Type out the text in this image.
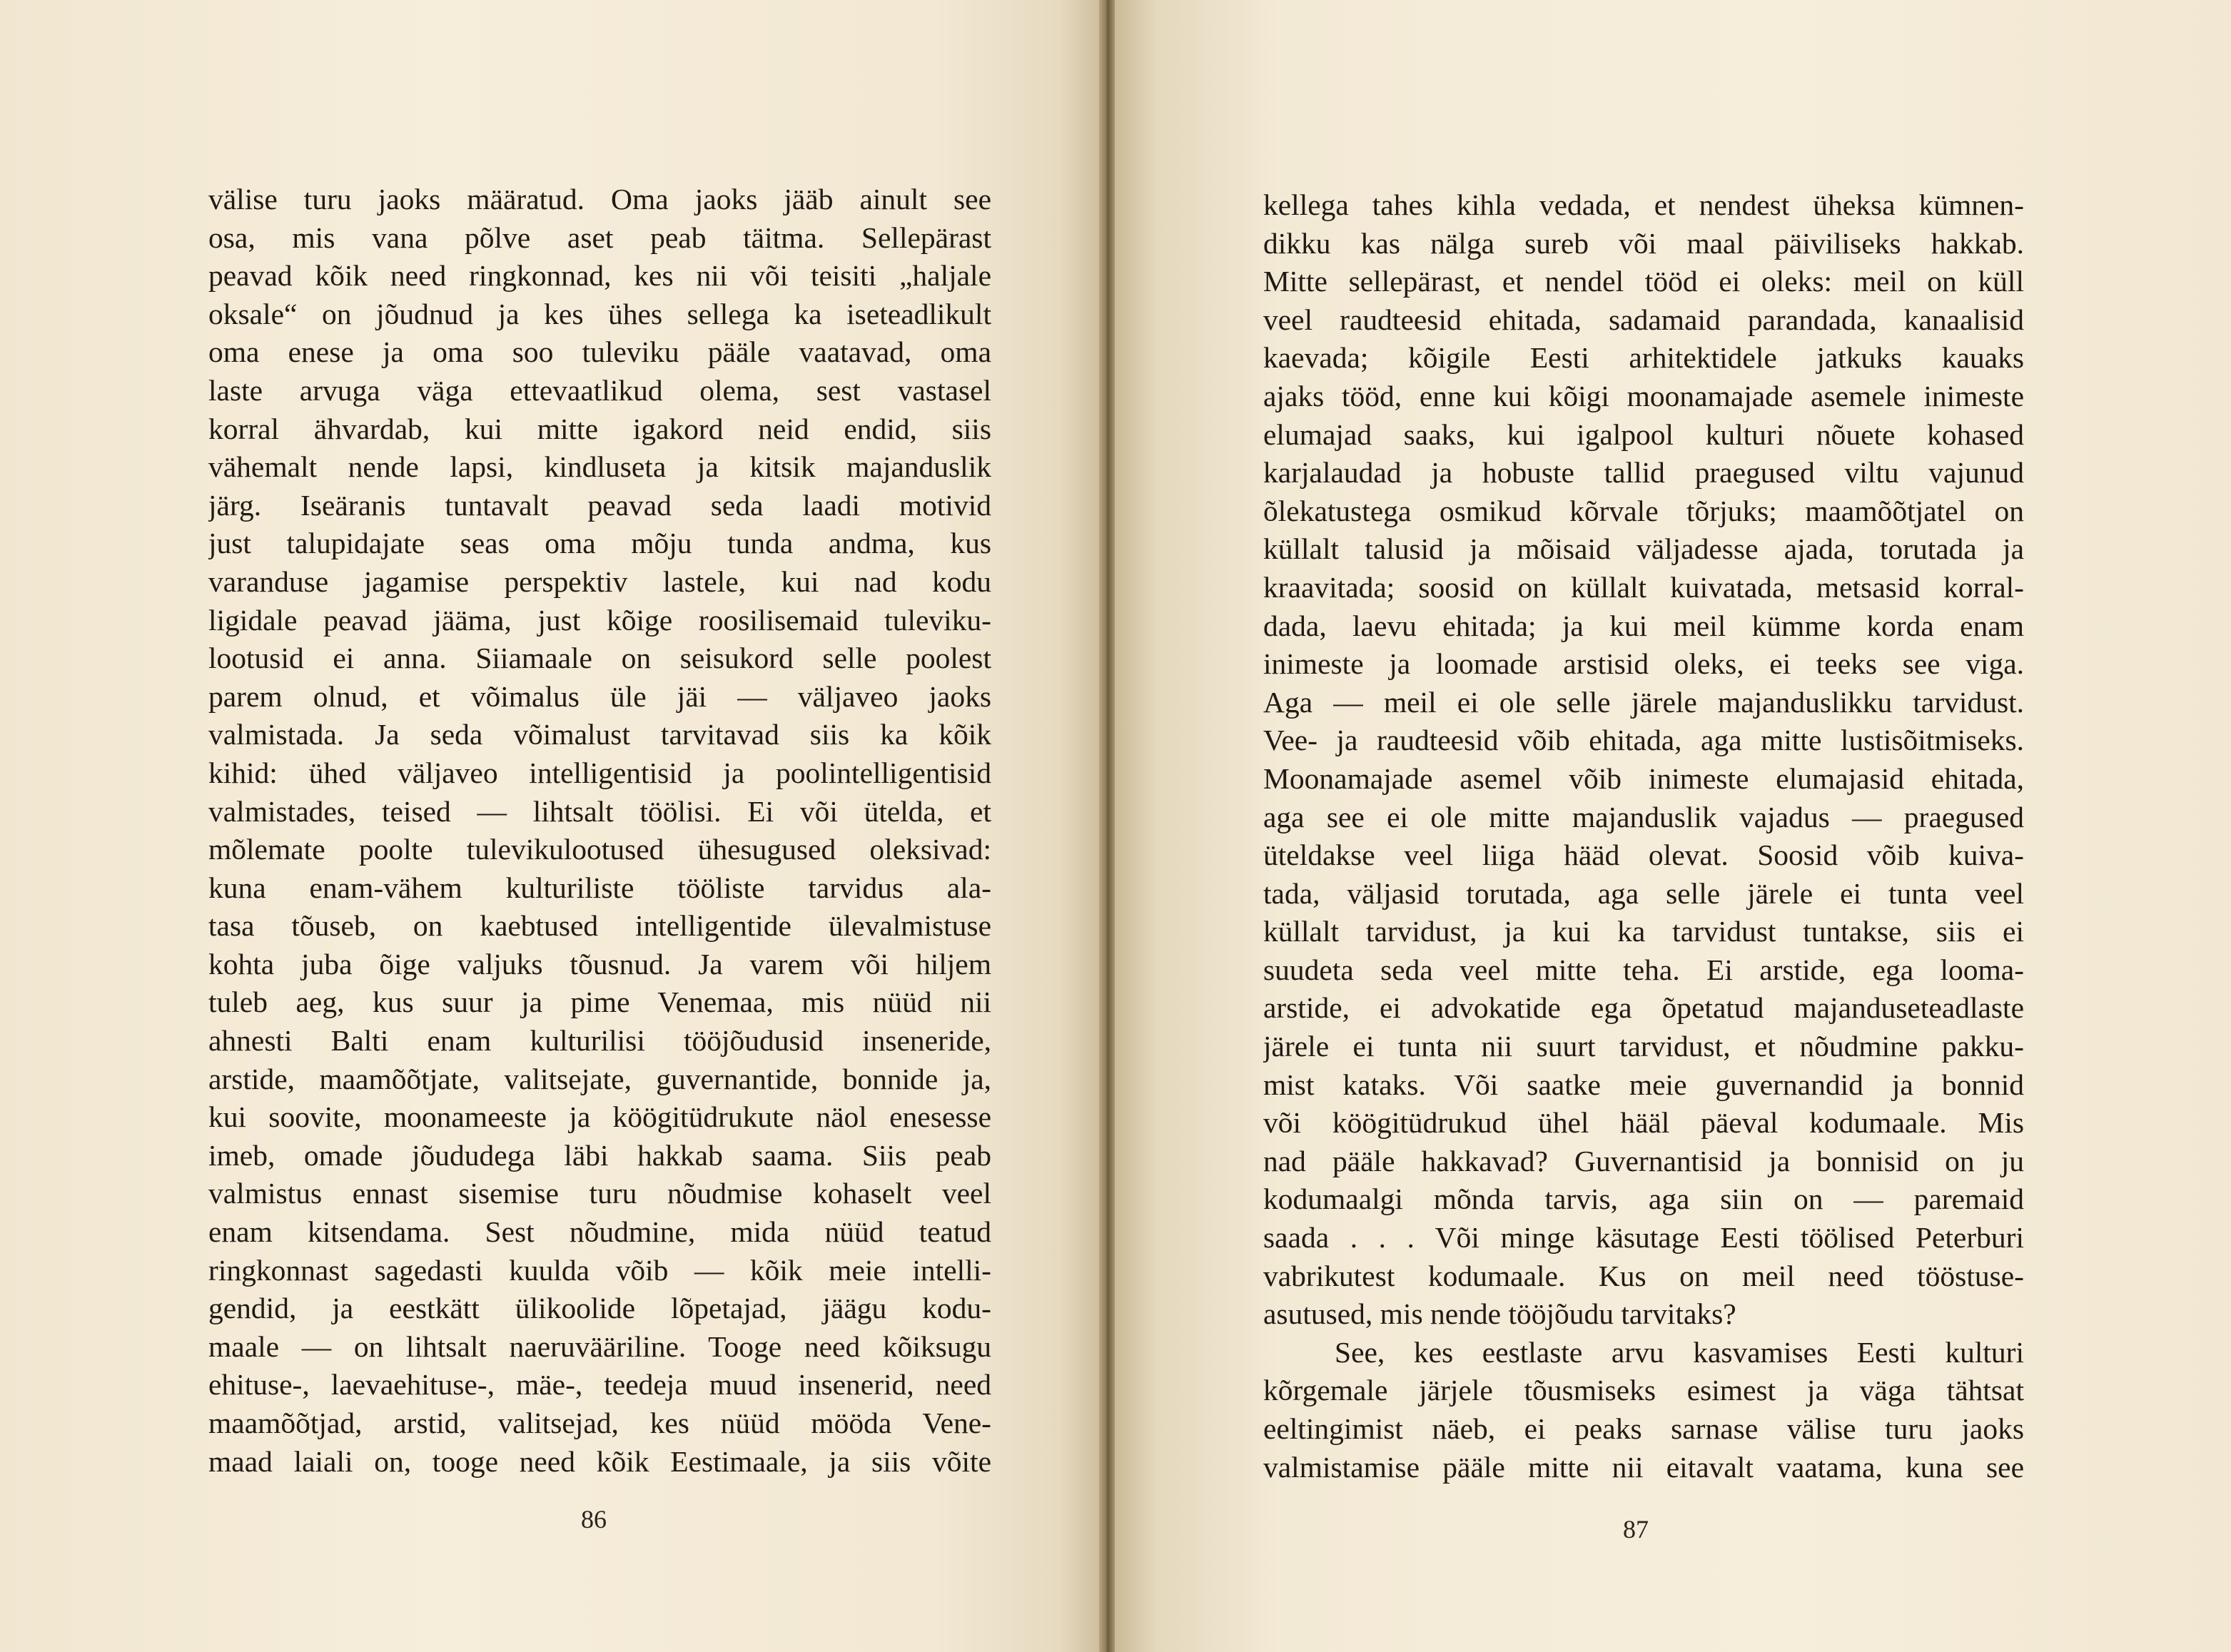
välise turu jaoks määratud. Oma jaoks jääb ainult see
osa, mis vana põlve aset peab täitma. Sellepärast
peavad kõik need ringkonnad, kes nii või teisiti „haljale
oksale“ on jõudnud ja kes ühes sellega ka iseteadlikult
oma enese ja oma soo tuleviku pääle vaatavad, oma
laste arvuga väga ettevaatlikud olema, sest vastasel
korral ähvardab, kui mitte igakord neid endid, siis
vähemalt nende lapsi, kindluseta ja kitsik majanduslik
järg. Iseäranis tuntavalt peavad seda laadi motivid
just talupidajate seas oma mõju tunda andma, kus
varanduse jagamise perspektiv lastele, kui nad kodu
ligidale peavad jääma, just kõige roosilisemaid tuleviku-
lootusid ei anna. Siiamaale on seisukord selle poolest
parem olnud, et võimalus üle jäi — väljaveo jaoks
valmistada. Ja seda võimalust tarvitavad siis ka kõik
kihid: ühed väljaveo intelligentisid ja poolintelligentisid
valmistades, teised — lihtsalt töölisi. Ei või ütelda, et
mõlemate poolte tulevikulootused ühesugused oleksivad:
kuna enam-vähem kulturiliste tööliste tarvidus ala-
tasa tõuseb, on kaebtused intelligentide ülevalmistuse
kohta juba õige valjuks tõusnud. Ja varem või hiljem
tuleb aeg, kus suur ja pime Venemaa, mis nüüd nii
ahnesti Balti enam kulturilisi tööjõudusid inseneride,
arstide, maamõõtjate, valitsejate, guvernantide, bonnide ja,
kui soovite, moonameeste ja köögitüdrukute näol enesesse
imeb, omade jõududega läbi hakkab saama. Siis peab
valmistus ennast sisemise turu nõudmise kohaselt veel
enam kitsendama. Sest nõudmine, mida nüüd teatud
ringkonnast sagedasti kuulda võib — kõik meie intelli-
gendid, ja eestkätt ülikoolide lõpetajad, jäägu kodu-
maale — on lihtsalt naeruvääriline. Tooge need kõiksugu
ehituse-, laevaehituse-, mäe-, teedeja muud insenerid, need
maamõõtjad, arstid, valitsejad, kes nüüd mööda Vene-
maad laiali on, tooge need kõik Eestimaale, ja siis võite
86
kellega tahes kihla vedada, et nendest üheksa kümnen-
dikku kas nälga sureb või maal päiviliseks hakkab.
Mitte sellepärast, et nendel tööd ei oleks: meil on küll
veel raudteesid ehitada, sadamaid parandada, kanaalisid
kaevada; kõigile Eesti arhitektidele jatkuks kauaks
ajaks tööd, enne kui kõigi moonamajade asemele inimeste
elumajad saaks, kui igalpool kulturi nõuete kohased
karjalaudad ja hobuste tallid praegused viltu vajunud
õlekatustega osmikud kõrvale tõrjuks; maamõõtjatel on
küllalt talusid ja mõisaid väljadesse ajada, torutada ja
kraavitada; soosid on küllalt kuivatada, metsasid korral-
dada, laevu ehitada; ja kui meil kümme korda enam
inimeste ja loomade arstisid oleks, ei teeks see viga.
Aga — meil ei ole selle järele majanduslikku tarvidust.
Vee- ja raudteesid võib ehitada, aga mitte lustisõitmiseks.
Moonamajade asemel võib inimeste elumajasid ehitada,
aga see ei ole mitte majanduslik vajadus — praegused
üteldakse veel liiga hääd olevat. Soosid võib kuiva-
tada, väljasid torutada, aga selle järele ei tunta veel
küllalt tarvidust, ja kui ka tarvidust tuntakse, siis ei
suudeta seda veel mitte teha. Ei arstide, ega looma-
arstide, ei advokatide ega õpetatud majanduseteadlaste
järele ei tunta nii suurt tarvidust, et nõudmine pakku-
mist kataks. Või saatke meie guvernandid ja bonnid
või köögitüdrukud ühel hääl päeval kodumaale. Mis
nad pääle hakkavad? Guvernantisid ja bonnisid on ju
kodumaalgi mõnda tarvis, aga siin on — paremaid
saada . . . Või minge käsutage Eesti töölised Peterburi
vabrikutest kodumaale. Kus on meil need tööstuse-
asutused, mis nende tööjõudu tarvitaks?
See, kes eestlaste arvu kasvamises Eesti kulturi
kõrgemale järjele tõusmiseks esimest ja väga tähtsat
eeltingimist näeb, ei peaks sarnase välise turu jaoks
valmistamise pääle mitte nii eitavalt vaatama, kuna see
87
